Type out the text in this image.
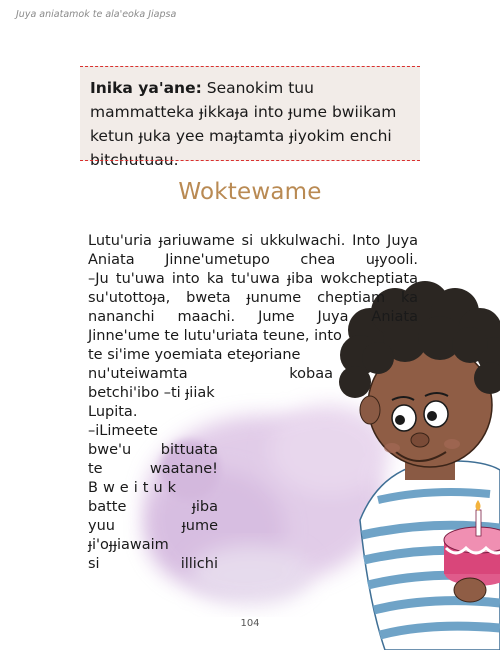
Juya aniatamok te ala'eoka Jiapsa
Inika ya'ane: Seanokim tuu mammatteka ɟikkaɟa into ɟume bwiikam ketun ɟuka yee maɟtamta ɟiyokim enchi bitchutuau.
Woktewame
Lutu'uria ɟariuwame si ukkulwachi. Into Juya
Aniata Jinne'umetupo chea uɟyooli.
–Ju tu'uwa into ka tu'uwa ɟiba wokcheptiata
su'utottoɟa, bweta ɟunume cheptiam ka
nananchi maachi. Jume Juya Aniata
Jinne'ume te lutu'uriata teune, into
te si'ime yoemiata eteɟoriane
nu'uteiwamta kobaa
betchi'ibo –ti ɟiiak
Lupita.
–iLimeete
bwe'u bittuata
te waatane!
Bweituk
batte ɟiba
yuu ɟume
ɟi'oɟɟiawaim
si illichi
104
